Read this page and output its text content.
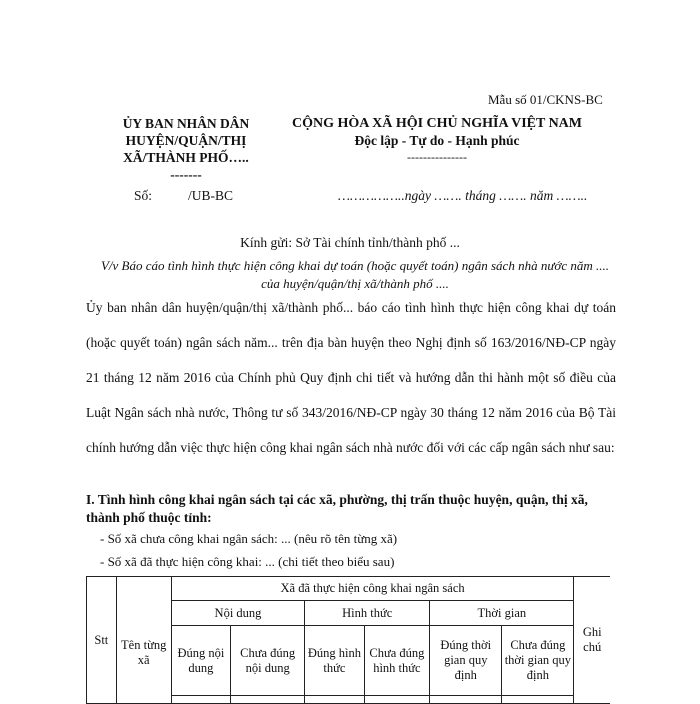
Mẫu số 01/CKNS-BC
ỦY BAN NHÂN DÂN
HUYỆN/QUẬN/THỊ
XÃ/THÀNH PHỐ…..
-------
CỘNG HÒA XÃ HỘI CHỦ NGHĨA VIỆT NAM
Độc lập - Tự do - Hạnh phúc
---------------
Số:	/UB-BC	……………..ngày ……. tháng ……. năm ……..
Kính gửi: Sở Tài chính tỉnh/thành phố ...
V/v Báo cáo tình hình thực hiện công khai dự toán (hoặc quyết toán) ngân sách nhà nước năm .... của huyện/quận/thị xã/thành phố ....
Ủy ban nhân dân huyện/quận/thị xã/thành phố... báo cáo tình hình thực hiện công khai dự toán (hoặc quyết toán) ngân sách năm... trên địa bàn huyện theo Nghị định số 163/2016/NĐ-CP ngày 21 tháng 12 năm 2016 của Chính phủ Quy định chi tiết và hướng dẫn thi hành một số điều của Luật Ngân sách nhà nước, Thông tư số 343/2016/NĐ-CP ngày 30 tháng 12 năm 2016 của Bộ Tài chính hướng dẫn việc thực hiện công khai ngân sách nhà nước đối với các cấp ngân sách như sau:
I. Tình hình công khai ngân sách tại các xã, phường, thị trấn thuộc huyện, quận, thị xã, thành phố thuộc tỉnh:
- Số xã chưa công khai ngân sách: ... (nêu rõ tên từng xã)
- Số xã đã thực hiện công khai: ... (chi tiết theo biểu sau)
Stt	Tên từng xã	Xã đã thực hiện công khai ngân sách						Ghi chú
		Nội dung		Hình thức		Thời gian		
		Đúng nội dung	Chưa đúng nội dung	Đúng hình thức	Chưa đúng hình thức	Đúng thời gian quy định	Chưa đúng thời gian quy định	
